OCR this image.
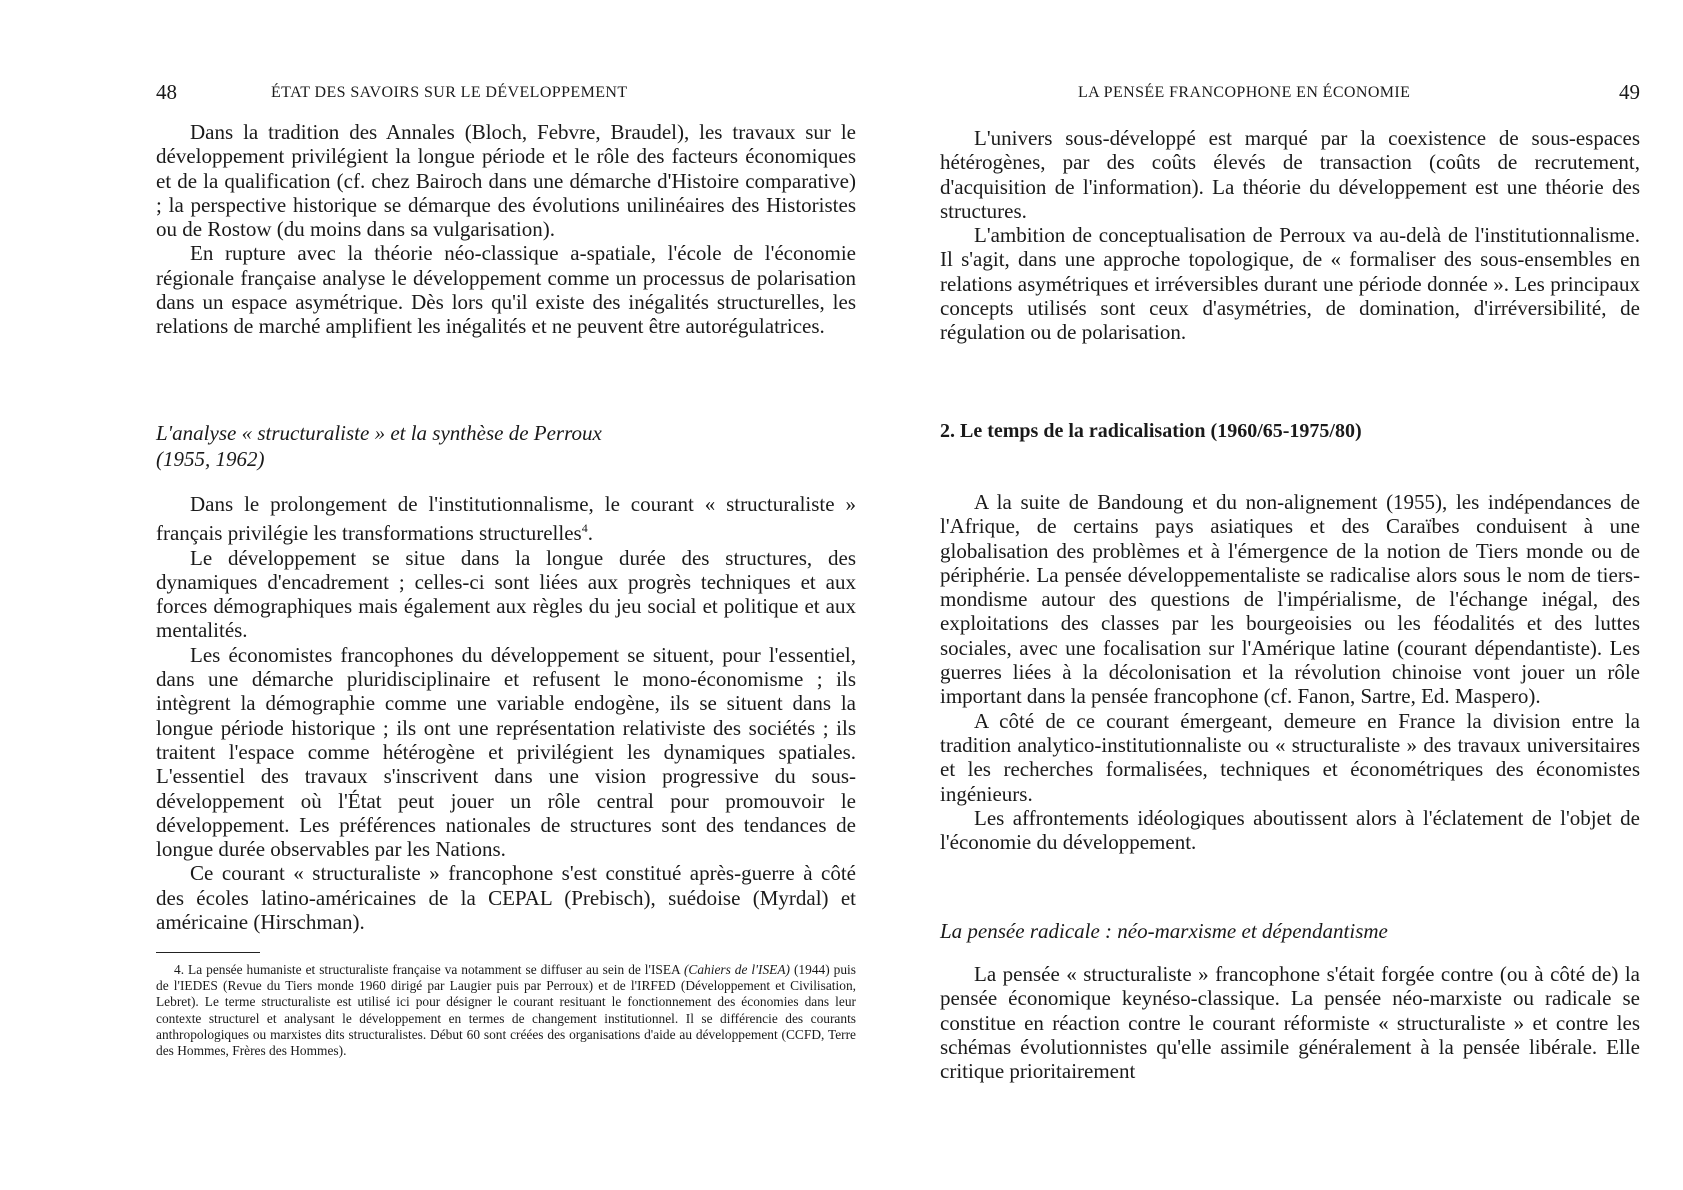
48	ÉTAT DES SAVOIRS SUR LE DÉVELOPPEMENT

Dans la tradition des Annales (Bloch, Febvre, Braudel), les travaux sur le développement privilégient la longue période et le rôle des facteurs économiques et de la qualification (cf. chez Bairoch dans une démarche d'Histoire comparative) ; la perspective historique se démarque des évolutions unilinéaires des Historistes ou de Rostow (du moins dans sa vulgarisation).

En rupture avec la théorie néo-classique a-spatiale, l'école de l'économie régionale française analyse le développement comme un processus de polarisation dans un espace asymétrique. Dès lors qu'il existe des inégalités structurelles, les relations de marché amplifient les inégalités et ne peuvent être autorégulatrices.

L'analyse « structuraliste » et la synthèse de Perroux
(1955, 1962)

Dans le prolongement de l'institutionnalisme, le courant « structuraliste » français privilégie les transformations structurelles$^4$.

Le développement se situe dans la longue durée des structures, des dynamiques d'encadrement ; celles-ci sont liées aux progrès techniques et aux forces démographiques mais également aux règles du jeu social et politique et aux mentalités.

Les économistes francophones du développement se situent, pour l'essentiel, dans une démarche pluridisciplinaire et refusent le mono-économisme ; ils intègrent la démographie comme une variable endogène, ils se situent dans la longue période historique ; ils ont une représentation relativiste des sociétés ; ils traitent l'espace comme hétérogène et privilégient les dynamiques spatiales. L'essentiel des travaux s'inscrivent dans une vision progressive du sous-développement où l'État peut jouer un rôle central pour promouvoir le développement. Les préférences nationales de structures sont des tendances de longue durée observables par les Nations.

Ce courant « structuraliste » francophone s'est constitué après-guerre à côté des écoles latino-américaines de la CEPAL (Prebisch), suédoise (Myrdal) et américaine (Hirschman).

4. La pensée humaniste et structuraliste française va notamment se diffuser au sein de l'ISEA (Cahiers de l'ISEA) (1944) puis de l'IEDES (Revue du Tiers monde 1960 dirigé par Laugier puis par Perroux) et de l'IRFED (Développement et Civilisation, Lebret). Le terme structuraliste est utilisé ici pour désigner le courant resituant le fonctionnement des économies dans leur contexte structurel et analysant le développement en termes de changement institutionnel. Il se différencie des courants anthropologiques ou marxistes dits structuralistes. Début 60 sont créées des organisations d'aide au développement (CCFD, Terre des Hommes, Frères des Hommes).

LA PENSÉE FRANCOPHONE EN ÉCONOMIE	49

L'univers sous-développé est marqué par la coexistence de sous-espaces hétérogènes, par des coûts élevés de transaction (coûts de recrutement, d'acquisition de l'information). La théorie du développement est une théorie des structures.

L'ambition de conceptualisation de Perroux va au-delà de l'institutionnalisme. Il s'agit, dans une approche topologique, de « formaliser des sous-ensembles en relations asymétriques et irréversibles durant une période donnée ». Les principaux concepts utilisés sont ceux d'asymétries, de domination, d'irréversibilité, de régulation ou de polarisation.

2. Le temps de la radicalisation (1960/65-1975/80)

A la suite de Bandoung et du non-alignement (1955), les indépendances de l'Afrique, de certains pays asiatiques et des Caraïbes conduisent à une globalisation des problèmes et à l'émergence de la notion de Tiers monde ou de périphérie. La pensée développementaliste se radicalise alors sous le nom de tiers-mondisme autour des questions de l'impérialisme, de l'échange inégal, des exploitations des classes par les bourgeoisies ou les féodalités et des luttes sociales, avec une focalisation sur l'Amérique latine (courant dépendantiste). Les guerres liées à la décolonisation et la révolution chinoise vont jouer un rôle important dans la pensée francophone (cf. Fanon, Sartre, Ed. Maspero).

A côté de ce courant émergeant, demeure en France la division entre la tradition analytico-institutionnaliste ou « structuraliste » des travaux universitaires et les recherches formalisées, techniques et économétriques des économistes ingénieurs.

Les affrontements idéologiques aboutissent alors à l'éclatement de l'objet de l'économie du développement.

La pensée radicale : néo-marxisme et dépendantisme

La pensée « structuraliste » francophone s'était forgée contre (ou à côté de) la pensée économique keynéso-classique. La pensée néo-marxiste ou radicale se constitue en réaction contre le courant réformiste « structuraliste » et contre les schémas évolutionnistes qu'elle assimile généralement à la pensée libérale. Elle critique prioritairement
